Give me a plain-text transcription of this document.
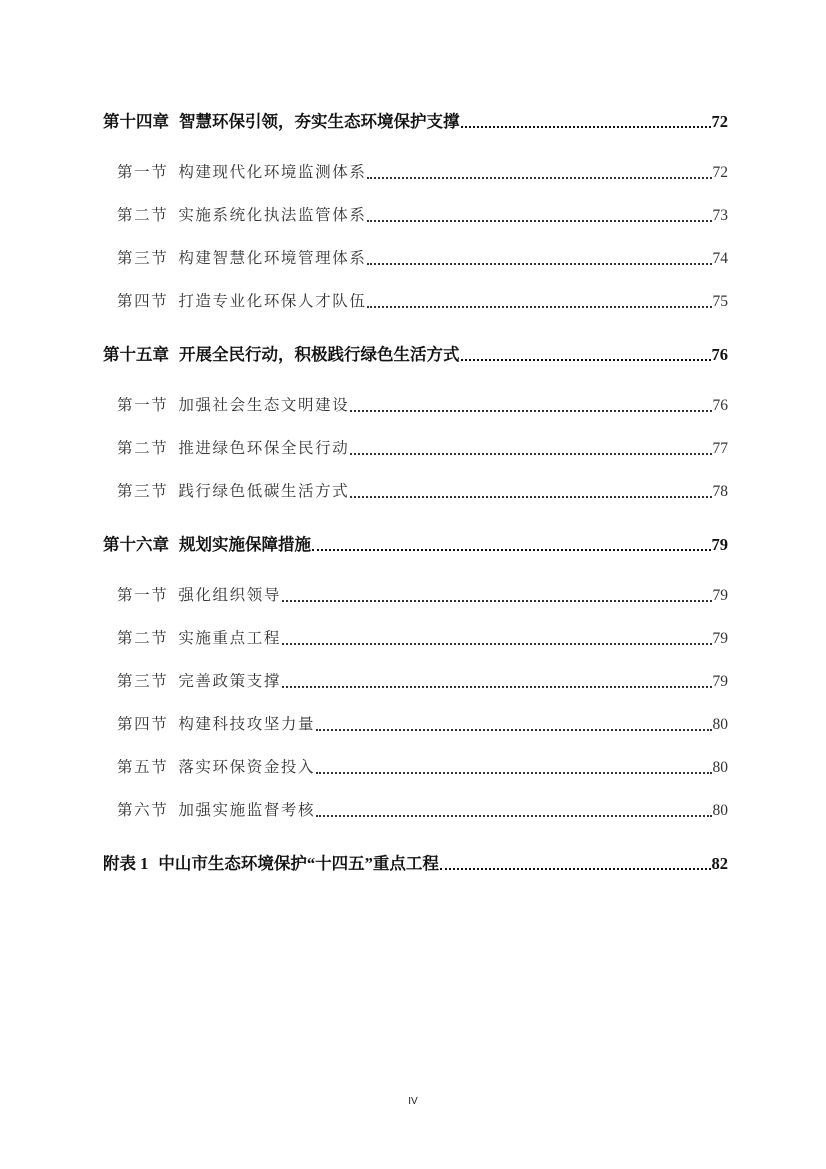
第十四章 智慧环保引领，夯实生态环境保护支撑	72
第一节 构建现代化环境监测体系	72
第二节 实施系统化执法监管体系	73
第三节 构建智慧化环境管理体系	74
第四节 打造专业化环保人才队伍	75
第十五章 开展全民行动，积极践行绿色生活方式	76
第一节 加强社会生态文明建设	76
第二节 推进绿色环保全民行动	77
第三节 践行绿色低碳生活方式	78
第十六章 规划实施保障措施	79
第一节 强化组织领导	79
第二节 实施重点工程	79
第三节 完善政策支撑	79
第四节 构建科技攻坚力量	80
第五节 落实环保资金投入	80
第六节 加强实施监督考核	80
附表 1 中山市生态环境保护“十四五”重点工程	82
IV
